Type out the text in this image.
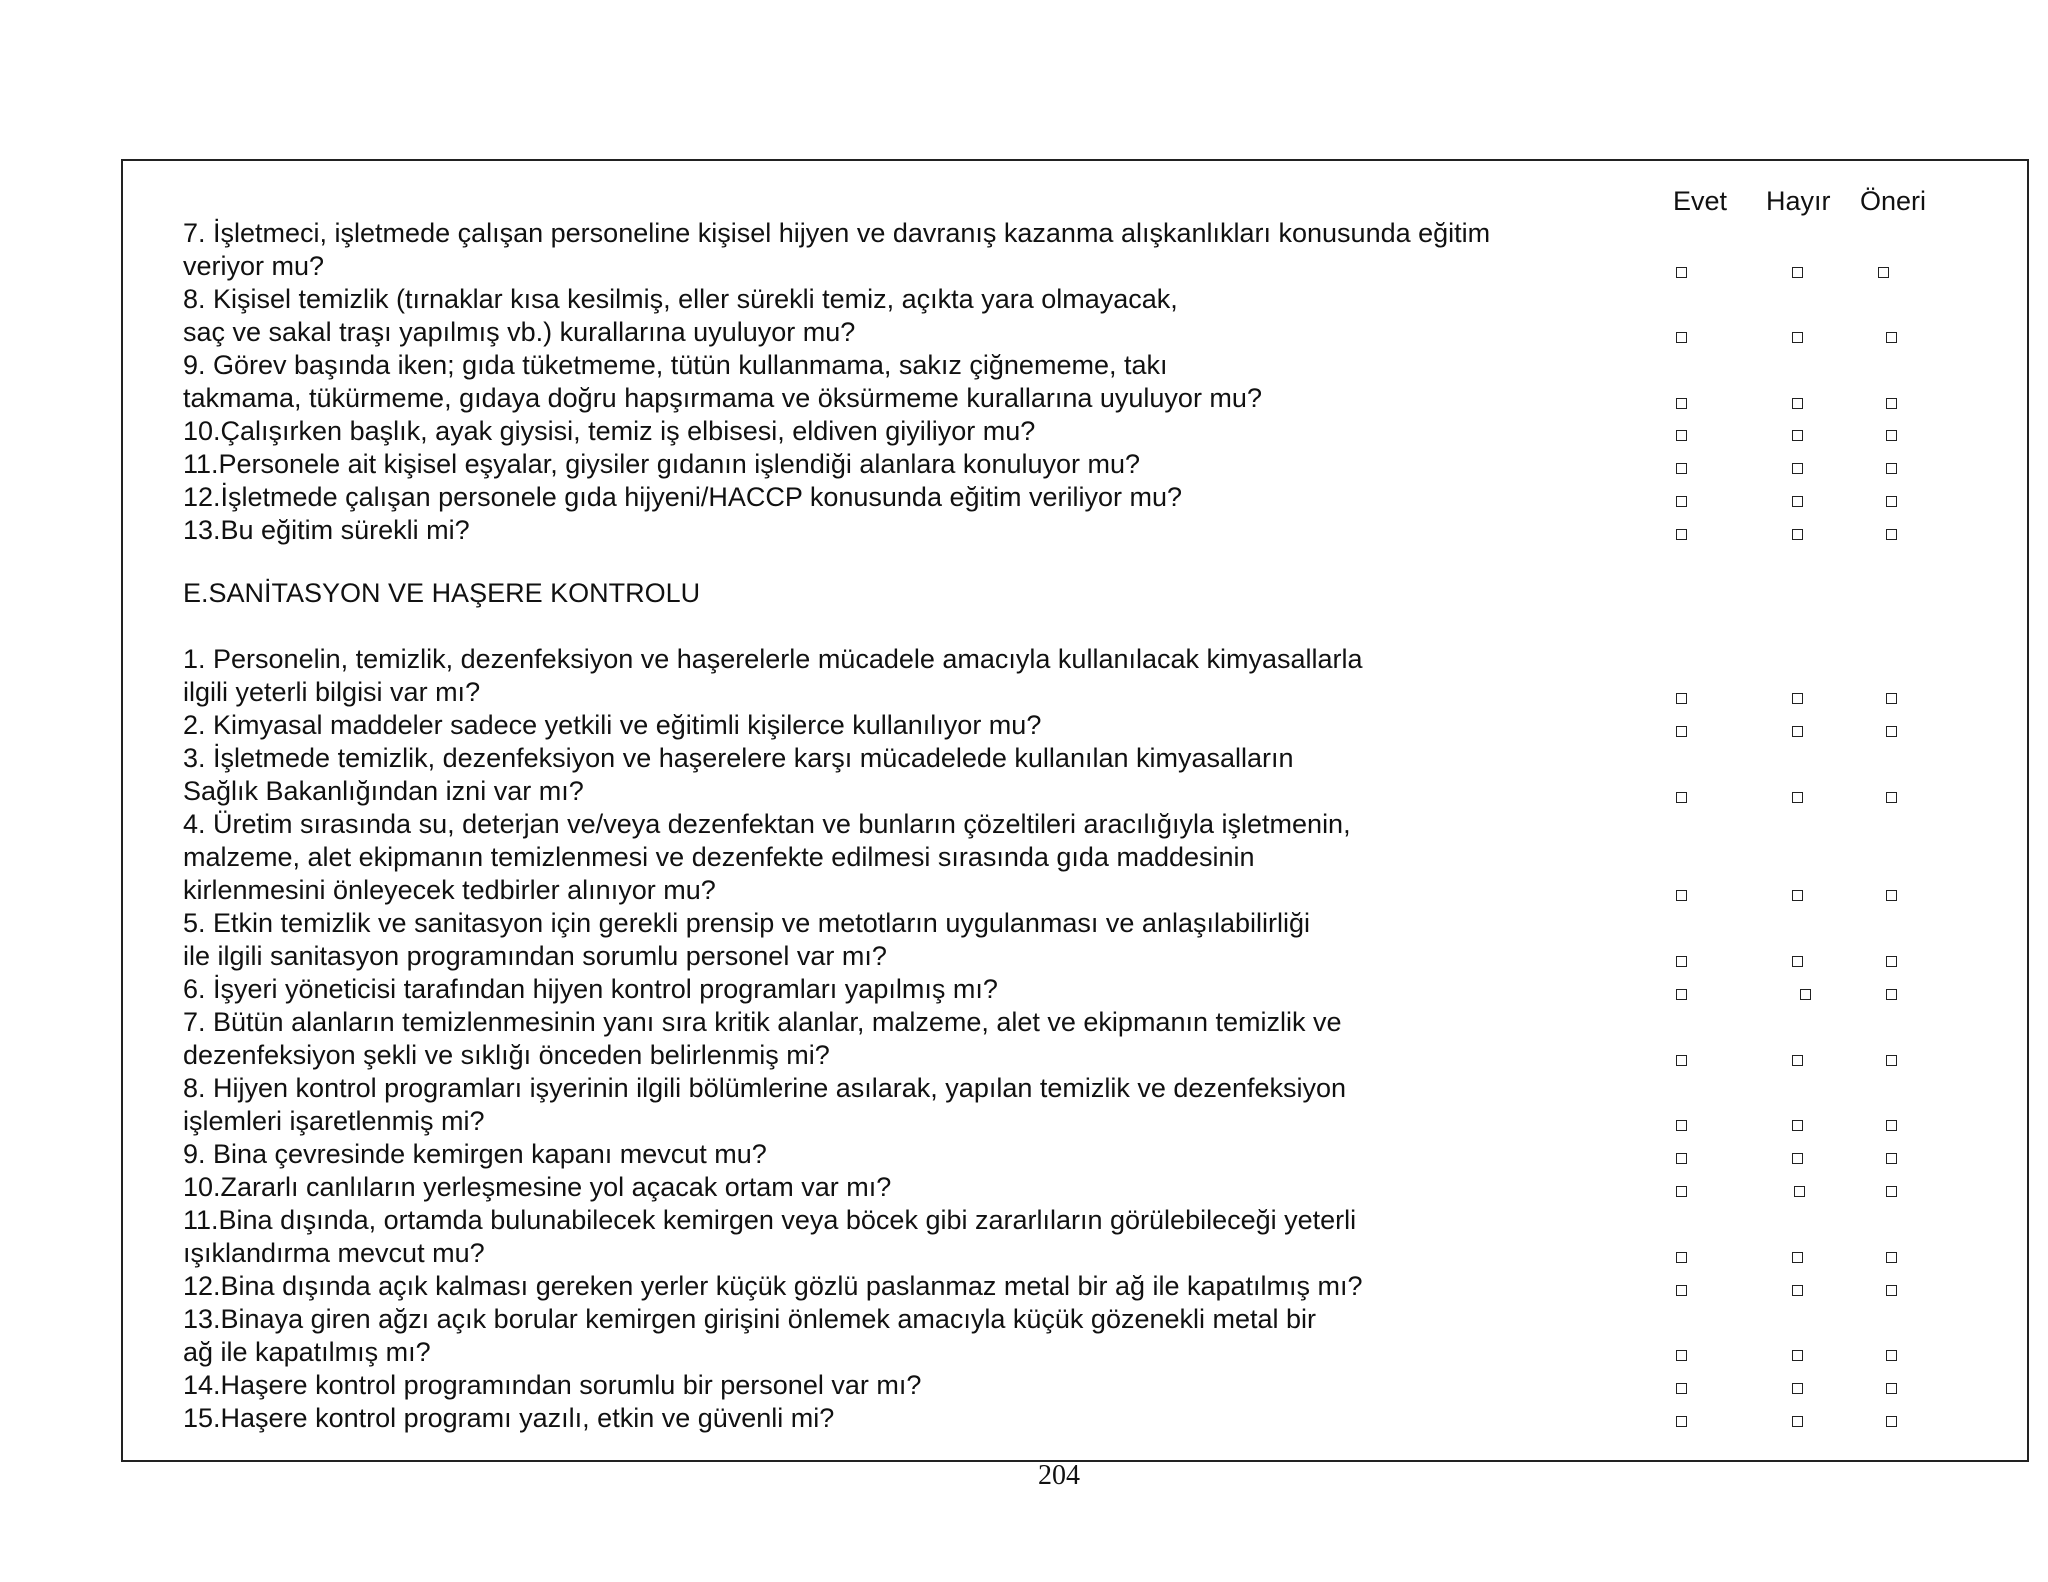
Evet Hayır Öneri
7. İşletmeci, işletmede çalışan personeline kişisel hijyen ve davranış kazanma alışkanlıkları konusunda eğitim
veriyor mu?
8. Kişisel temizlik (tırnaklar kısa kesilmiş, eller sürekli temiz, açıkta yara olmayacak,
saç ve sakal traşı yapılmış vb.) kurallarına uyuluyor mu?
9. Görev başında iken; gıda tüketmeme, tütün kullanmama, sakız çiğnememe, takı
takmama, tükürmeme, gıdaya doğru hapşırmama ve öksürmeme kurallarına uyuluyor mu?
10.Çalışırken başlık, ayak giysisi, temiz iş elbisesi, eldiven giyiliyor mu?
11.Personele ait kişisel eşyalar, giysiler gıdanın işlendiği alanlara konuluyor mu?
12.İşletmede çalışan personele gıda hijyeni/HACCP konusunda eğitim veriliyor mu?
13.Bu eğitim sürekli mi?
E.SANİTASYON VE HAŞERE KONTROLU
1. Personelin, temizlik, dezenfeksiyon ve haşerelerle mücadele amacıyla kullanılacak kimyasallarla
ilgili yeterli bilgisi var mı?
2. Kimyasal maddeler sadece yetkili ve eğitimli kişilerce kullanılıyor mu?
3. İşletmede temizlik, dezenfeksiyon ve haşerelere karşı mücadelede kullanılan kimyasalların
Sağlık Bakanlığından izni var mı?
4. Üretim sırasında su, deterjan ve/veya dezenfektan ve bunların çözeltileri aracılığıyla işletmenin,
malzeme, alet ekipmanın temizlenmesi ve dezenfekte edilmesi sırasında gıda maddesinin
kirlenmesini önleyecek tedbirler alınıyor mu?
5. Etkin temizlik ve sanitasyon için gerekli prensip ve metotların uygulanması ve anlaşılabilirliği
ile ilgili sanitasyon programından sorumlu personel var mı?
6. İşyeri yöneticisi tarafından hijyen kontrol programları yapılmış mı?
7. Bütün alanların temizlenmesinin yanı sıra kritik alanlar, malzeme, alet ve ekipmanın temizlik ve
dezenfeksiyon şekli ve sıklığı önceden belirlenmiş mi?
8. Hijyen kontrol programları işyerinin ilgili bölümlerine asılarak, yapılan temizlik ve dezenfeksiyon
işlemleri işaretlenmiş mi?
9. Bina çevresinde kemirgen kapanı mevcut mu?
10.Zararlı canlıların yerleşmesine yol açacak ortam var mı?
11.Bina dışında, ortamda bulunabilecek kemirgen veya böcek gibi zararlıların görülebileceği yeterli
ışıklandırma mevcut mu?
12.Bina dışında açık kalması gereken yerler küçük gözlü paslanmaz metal bir ağ ile kapatılmış mı?
13.Binaya giren ağzı açık borular kemirgen girişini önlemek amacıyla küçük gözenekli metal bir
ağ ile kapatılmış mı?
14.Haşere kontrol programından sorumlu bir personel var mı?
15.Haşere kontrol programı yazılı, etkin ve güvenli mi?
204
